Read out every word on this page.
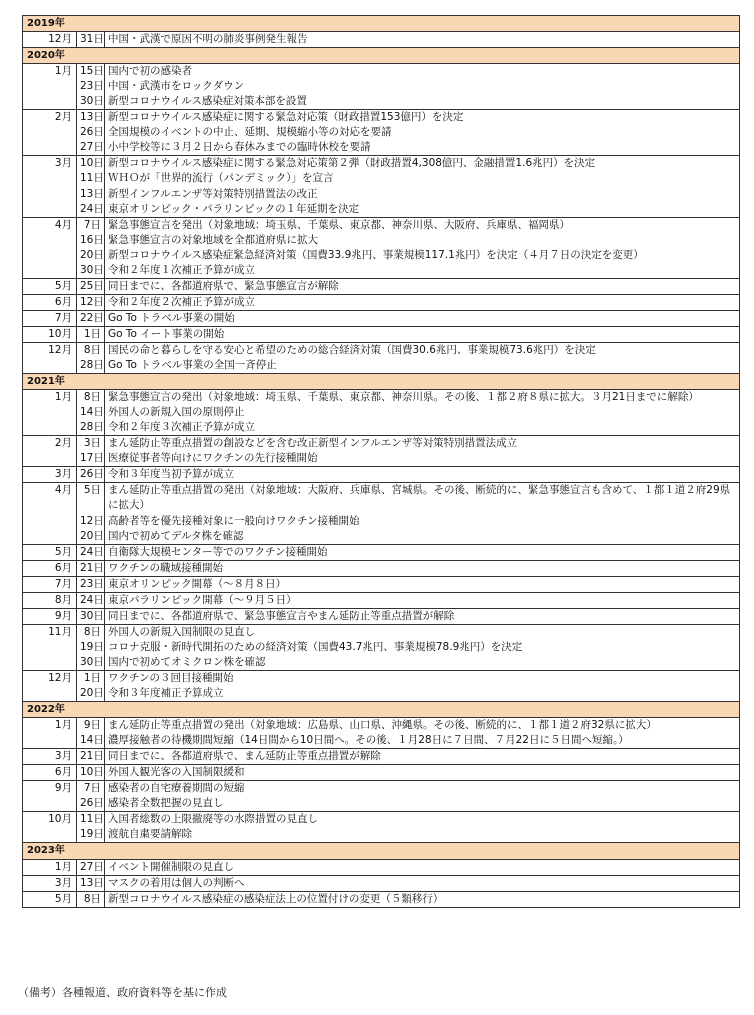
2019年		
12月	31日	中国・武漢で原因不明の肺炎事例発生報告
2020年		
1月	15日	国内で初の感染者
	23日	中国・武漢市をロックダウン
	30日	新型コロナウイルス感染症対策本部を設置
2月	13日	新型コロナウイルス感染症に関する緊急対応策（財政措置153億円）を決定
	26日	全国規模のイベントの中止、延期、規模縮小等の対応を要請
	27日	小中学校等に３月２日から春休みまでの臨時休校を要請
3月	10日	新型コロナウイルス感染症に関する緊急対応策第２弾（財政措置4,308億円、金融措置1.6兆円）を決定
	11日	ＷＨＯが「世界的流行（パンデミック）」を宣言
	13日	新型インフルエンザ等対策特別措置法の改正
	24日	東京オリンピック・パラリンピックの１年延期を決定
4月	7日	緊急事態宣言を発出（対象地域：埼玉県、千葉県、東京都、神奈川県、大阪府、兵庫県、福岡県）
	16日	緊急事態宣言の対象地域を全都道府県に拡大
	20日	新型コロナウイルス感染症緊急経済対策（国費33.9兆円、事業規模117.1兆円）を決定（４月７日の決定を変更）
	30日	令和２年度１次補正予算が成立
5月	25日	同日までに、各都道府県で、緊急事態宣言が解除
6月	12日	令和２年度２次補正予算が成立
7月	22日	Go To トラベル事業の開始
10月	1日	Go To イート事業の開始
12月	8日	国民の命と暮らしを守る安心と希望のための総合経済対策（国費30.6兆円、事業規模73.6兆円）を決定
	28日	Go To トラベル事業の全国一斉停止
2021年		
1月	8日	緊急事態宣言の発出（対象地域：埼玉県、千葉県、東京都、神奈川県。その後、１都２府８県に拡大。３月21日までに解除）
	14日	外国人の新規入国の原則停止
	28日	令和２年度３次補正予算が成立
2月	3日	まん延防止等重点措置の創設などを含む改正新型インフルエンザ等対策特別措置法成立
	17日	医療従事者等向けにワクチンの先行接種開始
3月	26日	令和３年度当初予算が成立
4月	5日	まん延防止等重点措置の発出（対象地域：大阪府、兵庫県、宮城県。その後、断続的に、緊急事態宣言も含めて、１都１道２府29県に拡大）
	12日	高齢者等を優先接種対象に一般向けワクチン接種開始
	20日	国内で初めてデルタ株を確認
5月	24日	自衛隊大規模センター等でのワクチン接種開始
6月	21日	ワクチンの職域接種開始
7月	23日	東京オリンピック開幕（～８月８日）
8月	24日	東京パラリンピック開幕（～９月５日）
9月	30日	同日までに、各都道府県で、緊急事態宣言やまん延防止等重点措置が解除
11月	8日	外国人の新規入国制限の見直し
	19日	コロナ克服・新時代開拓のための経済対策（国費43.7兆円、事業規模78.9兆円）を決定
	30日	国内で初めてオミクロン株を確認
12月	1日	ワクチンの３回目接種開始
	20日	令和３年度補正予算成立
2022年		
1月	9日	まん延防止等重点措置の発出（対象地域：広島県、山口県、沖縄県。その後、断続的に、１都１道２府32県に拡大）
	14日	濃厚接触者の待機期間短縮（14日間から10日間へ。その後、１月28日に７日間、７月22日に５日間へ短縮。）
3月	21日	同日までに、各都道府県で、まん延防止等重点措置が解除
6月	10日	外国人観光客の入国制限緩和
9月	7日	感染者の自宅療養期間の短縮
	26日	感染者全数把握の見直し
10月	11日	入国者総数の上限撤廃等の水際措置の見直し
	19日	渡航自粛要請解除
2023年		
1月	27日	イベント開催制限の見直し
3月	13日	マスクの着用は個人の判断へ
5月	8日	新型コロナウイルス感染症の感染症法上の位置付けの変更（５類移行）
（備考）各種報道、政府資料等を基に作成
